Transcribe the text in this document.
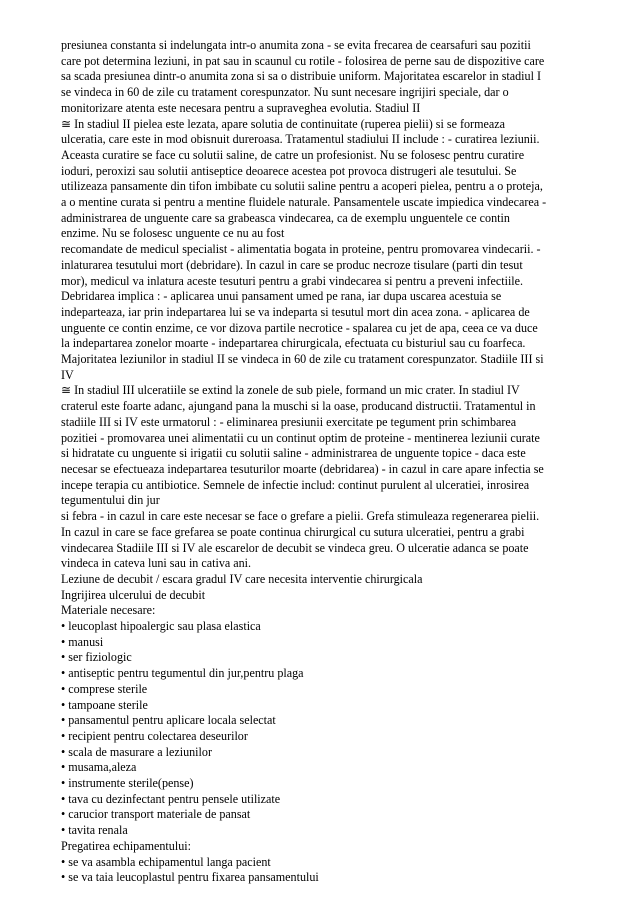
presiunea constanta si indelungata intr-o anumita zona - se evita frecarea de cearsafuri sau pozitii
care pot determina leziuni, in pat sau in scaunul cu rotile - folosirea de perne sau de dispozitive care
sa scada presiunea dintr-o anumita zona si sa o distribuie uniform. Majoritatea escarelor in stadiul I
se vindeca in 60 de zile cu tratament corespunzator. Nu sunt necesare ingrijiri speciale, dar o
monitorizare atenta este necesara pentru a supraveghea evolutia. Stadiul II
≅ In stadiul II pielea este lezata, apare solutia de continuitate (ruperea pielii) si se formeaza
ulceratia, care este in mod obisnuit dureroasa. Tratamentul stadiului II include : - curatirea leziunii.
Aceasta curatire se face cu solutii saline, de catre un profesionist. Nu se folosesc pentru curatire
ioduri, peroxizi sau solutii antiseptice deoarece acestea pot provoca distrugeri ale tesutului. Se
utilizeaza pansamente din tifon imbibate cu solutii saline pentru a acoperi pielea, pentru a o proteja,
a o mentine curata si pentru a mentine fluidele naturale. Pansamentele uscate impiedica vindecarea -
administrarea de unguente care sa grabeasca vindecarea, ca de exemplu unguentele ce contin
enzime. Nu se folosesc unguente ce nu au fost
recomandate de medicul specialist - alimentatia bogata in proteine, pentru promovarea vindecarii. -
inlaturarea tesutului mort (debridare). In cazul in care se produc necroze tisulare (parti din tesut
mor), medicul va inlatura aceste tesuturi pentru a grabi vindecarea si pentru a preveni infectiile.
Debridarea implica : - aplicarea unui pansament umed pe rana, iar dupa uscarea acestuia se
indeparteaza, iar prin indepartarea lui se va indeparta si tesutul mort din acea zona. - aplicarea de
unguente ce contin enzime, ce vor dizova partile necrotice - spalarea cu jet de apa, ceea ce va duce
la indepartarea zonelor moarte - indepartarea chirurgicala, efectuata cu bisturiul sau cu foarfeca.
Majoritatea leziunilor in stadiul II se vindeca in 60 de zile cu tratament corespunzator. Stadiile III si
IV
≅ In stadiul III ulceratiile se extind la zonele de sub piele, formand un mic crater. In stadiul IV
craterul este foarte adanc, ajungand pana la muschi si la oase, producand distructii. Tratamentul in
stadiile III si IV este urmatorul : - eliminarea presiunii exercitate pe tegument prin schimbarea
pozitiei - promovarea unei alimentatii cu un continut optim de proteine - mentinerea leziunii curate
si hidratate cu unguente si irigatii cu solutii saline - administrarea de unguente topice - daca este
necesar se efectueaza indepartarea tesuturilor moarte (debridarea) - in cazul in care apare infectia se
incepe terapia cu antibiotice. Semnele de infectie includ: continut purulent al ulceratiei, inrosirea
tegumentului din jur
si febra - in cazul in care este necesar se face o grefare a pielii. Grefa stimuleaza regenerarea pielii.
In cazul in care se face grefarea se poate continua chirurgical cu sutura ulceratiei, pentru a grabi
vindecarea Stadiile III si IV ale escarelor de decubit se vindeca greu. O ulceratie adanca se poate
vindeca in cateva luni sau in cativa ani.
Leziune de decubit / escara gradul IV care necesita interventie chirurgicala
Ingrijirea ulcerului de decubit
Materiale necesare:
• leucoplast hipoalergic sau plasa elastica
• manusi
• ser fiziologic
• antiseptic pentru tegumentul din jur,pentru plaga
• comprese sterile
• tampoane sterile
• pansamentul pentru aplicare locala selectat
• recipient pentru colectarea deseurilor
• scala de masurare a leziunilor
• musama,aleza
• instrumente sterile(pense)
• tava cu dezinfectant pentru pensele utilizate
• carucior transport materiale de pansat
• tavita renala
Pregatirea echipamentului:
• se va asambla echipamentul langa pacient
• se va taia leucoplastul pentru fixarea pansamentului
